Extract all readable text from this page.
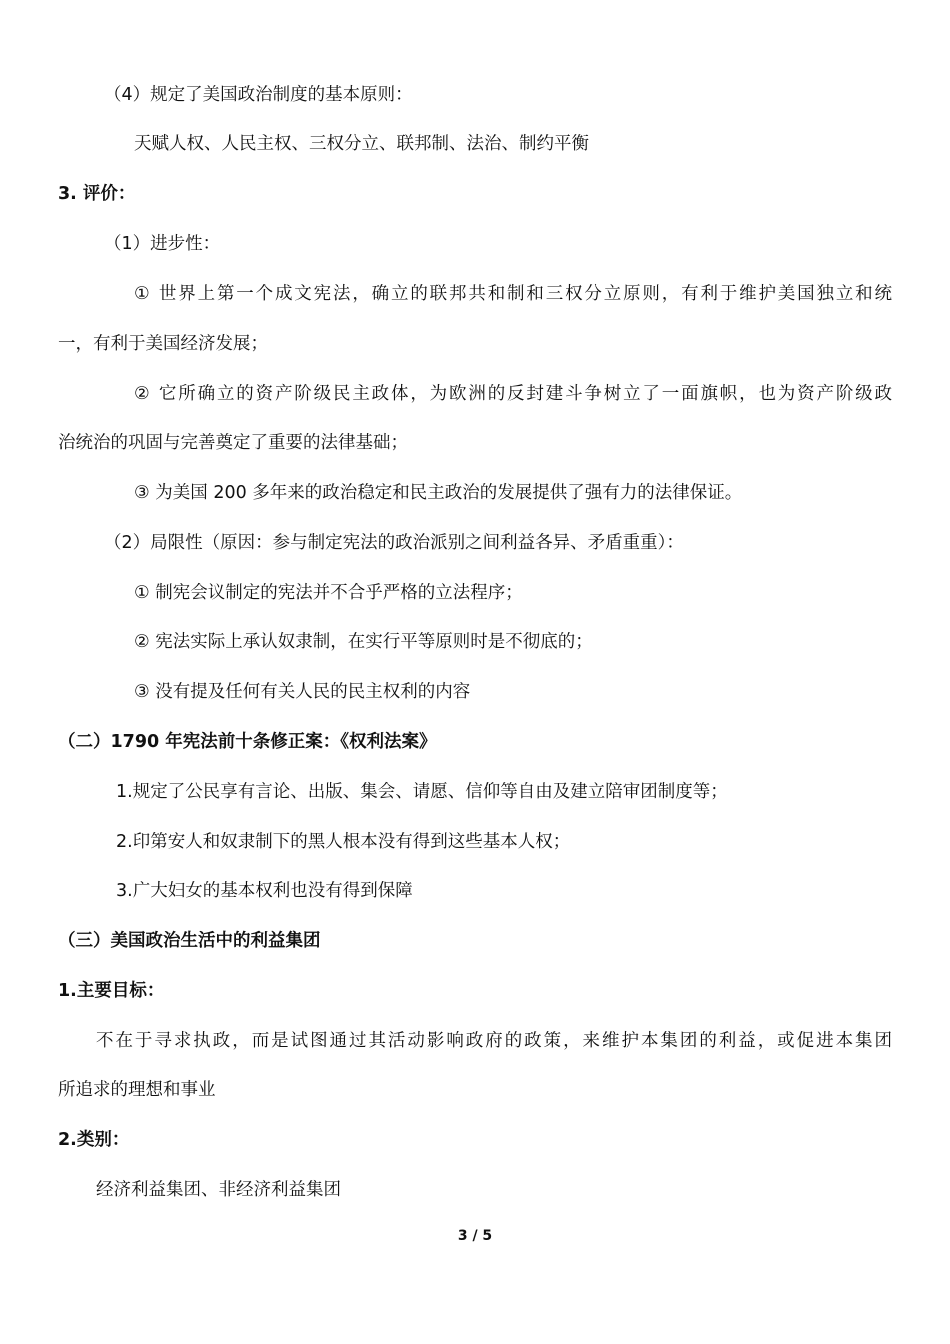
（4）规定了美国政治制度的基本原则：
天赋人权、人民主权、三权分立、联邦制、法治、制约平衡
3. 评价：
（1）进步性：
① 世界上第一个成文宪法，确立的联邦共和制和三权分立原则，有利于维护美国独立和统
一，有利于美国经济发展；
② 它所确立的资产阶级民主政体，为欧洲的反封建斗争树立了一面旗帜，也为资产阶级政
治统治的巩固与完善奠定了重要的法律基础；
③ 为美国 200 多年来的政治稳定和民主政治的发展提供了强有力的法律保证。
（2）局限性（原因：参与制定宪法的政治派别之间利益各异、矛盾重重）：
① 制宪会议制定的宪法并不合乎严格的立法程序；
② 宪法实际上承认奴隶制，在实行平等原则时是不彻底的；
③ 没有提及任何有关人民的民主权利的内容
（二）1790 年宪法前十条修正案：《权利法案》
1.规定了公民享有言论、出版、集会、请愿、信仰等自由及建立陪审团制度等；
2.印第安人和奴隶制下的黑人根本没有得到这些基本人权；
3.广大妇女的基本权利也没有得到保障
（三）美国政治生活中的利益集团
1.主要目标：
不在于寻求执政，而是试图通过其活动影响政府的政策，来维护本集团的利益，或促进本集团
所追求的理想和事业
2.类别：
经济利益集团、非经济利益集团
3 / 5
